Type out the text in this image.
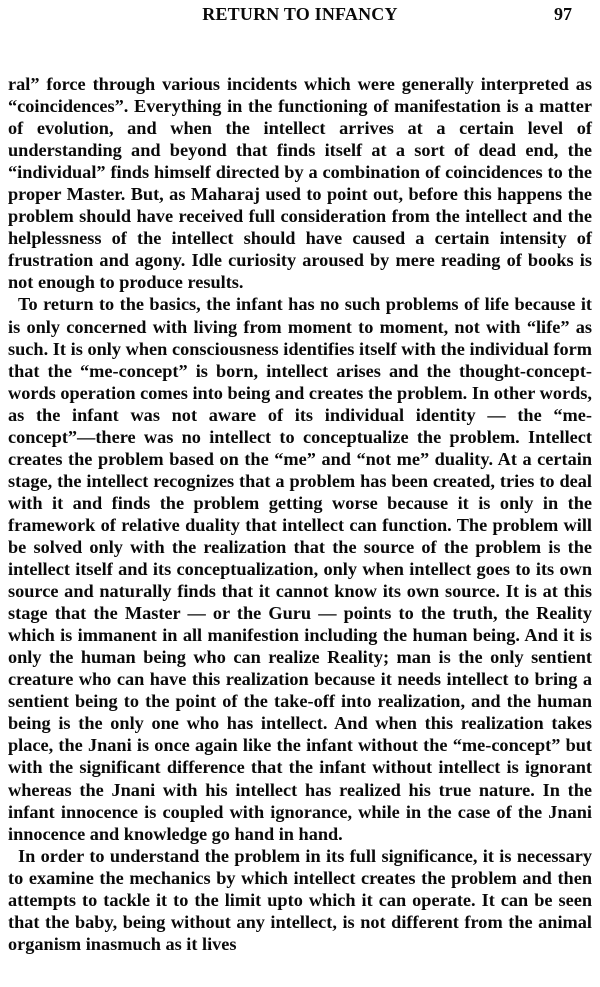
RETURN TO INFANCY	97

ral” force through various incidents which were generally interpreted as “coincidences”. Everything in the functioning of manifestation is a matter of evolution, and when the intellect arrives at a certain level of understanding and beyond that finds itself at a sort of dead end, the “individual” finds himself directed by a combination of coincidences to the proper Master. But, as Maharaj used to point out, before this happens the problem should have received full consideration from the intellect and the helplessness of the intellect should have caused a certain intensity of frustration and agony. Idle curiosity aroused by mere reading of books is not enough to produce results.

To return to the basics, the infant has no such problems of life because it is only concerned with living from moment to moment, not with “life” as such. It is only when consciousness identifies itself with the individual form that the “me-concept” is born, intellect arises and the thought-concept-words operation comes into being and creates the problem. In other words, as the infant was not aware of its individual identity — the “me-concept”—there was no intellect to conceptualize the problem. Intellect creates the problem based on the “me” and “not me” duality. At a certain stage, the intellect recognizes that a problem has been created, tries to deal with it and finds the problem getting worse because it is only in the framework of relative duality that intellect can function. The problem will be solved only with the realization that the source of the problem is the intellect itself and its conceptualization, only when intellect goes to its own source and naturally finds that it cannot know its own source. It is at this stage that the Master — or the Guru — points to the truth, the Reality which is immanent in all manifestion including the human being. And it is only the human being who can realize Reality; man is the only sentient creature who can have this realization because it needs intellect to bring a sentient being to the point of the take-off into realization, and the human being is the only one who has intellect. And when this realization takes place, the Jnani is once again like the infant without the “me-concept” but with the significant difference that the infant without intellect is ignorant whereas the Jnani with his intellect has realized his true nature. In the infant innocence is coupled with ignorance, while in the case of the Jnani innocence and knowledge go hand in hand.

In order to understand the problem in its full significance, it is necessary to examine the mechanics by which intellect creates the problem and then attempts to tackle it to the limit upto which it can operate. It can be seen that the baby, being without any intellect, is not different from the animal organism inasmuch as it lives
